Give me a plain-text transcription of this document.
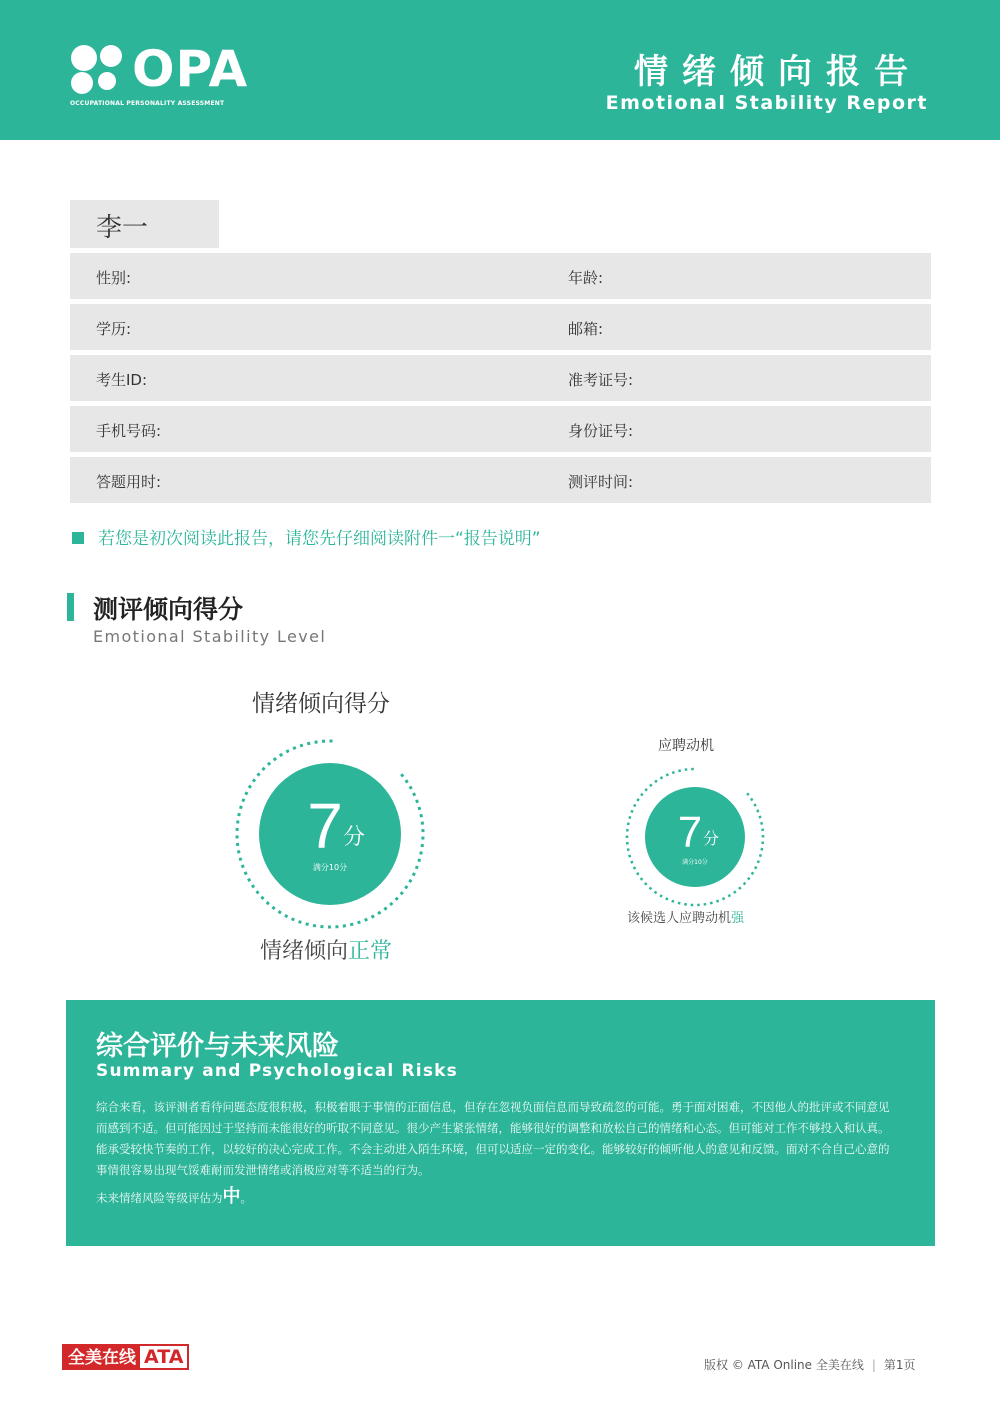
OPA
OCCUPATIONAL PERSONALITY ASSESSMENT
情绪倾向报告
Emotional Stability Report
李一
性别:	年龄:
学历:	邮箱:
考生ID:	准考证号:
手机号码:	身份证号:
答题用时:	测评时间:
若您是初次阅读此报告，请您先仔细阅读附件一“报告说明”
测评倾向得分
Emotional Stability Level
情绪倾向得分
7 分
满分10分
情绪倾向正常
应聘动机
7 分
满分10分
该候选人应聘动机强
综合评价与未来风险
Summary and Psychological Risks
综合来看，该评测者看待问题态度很积极，积极着眼于事情的正面信息，但存在忽视负面信息而导致疏忽的可能。勇于面对困难，不因他人的批评或不同意见而感到不适。但可能因过于坚持而未能很好的听取不同意见。很少产生紧张情绪，能够很好的调整和放松自己的情绪和心态。但可能对工作不够投入和认真。能承受较快节奏的工作，以较好的决心完成工作。不会主动进入陌生环境，但可以适应一定的变化。能够较好的倾听他人的意见和反馈。面对不合自己心意的事情很容易出现气馁难耐而发泄情绪或消极应对等不适当的行为。
未来情绪风险等级评估为中。
全美在线 ATA	版权 © ATA Online 全美在线 | 第1页
